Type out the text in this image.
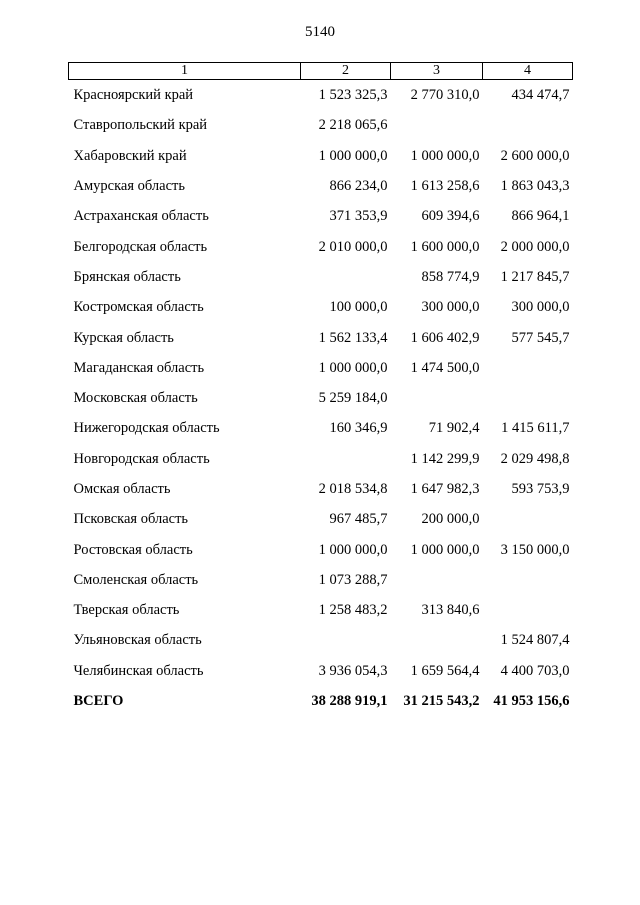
5140
1	2	3	4
Красноярский край	1 523 325,3	2 770 310,0	434 474,7
Ставропольский край	2 218 065,6		
Хабаровский край	1 000 000,0	1 000 000,0	2 600 000,0
Амурская область	866 234,0	1 613 258,6	1 863 043,3
Астраханская область	371 353,9	609 394,6	866 964,1
Белгородская область	2 010 000,0	1 600 000,0	2 000 000,0
Брянская область		858 774,9	1 217 845,7
Костромская область	100 000,0	300 000,0	300 000,0
Курская область	1 562 133,4	1 606 402,9	577 545,7
Магаданская область	1 000 000,0	1 474 500,0	
Московская область	5 259 184,0		
Нижегородская область	160 346,9	71 902,4	1 415 611,7
Новгородская область		1 142 299,9	2 029 498,8
Омская область	2 018 534,8	1 647 982,3	593 753,9
Псковская область	967 485,7	200 000,0	
Ростовская область	1 000 000,0	1 000 000,0	3 150 000,0
Смоленская область	1 073 288,7		
Тверская область	1 258 483,2	313 840,6	
Ульяновская область			1 524 807,4
Челябинская область	3 936 054,3	1 659 564,4	4 400 703,0
ВСЕГО	38 288 919,1	31 215 543,2	41 953 156,6
